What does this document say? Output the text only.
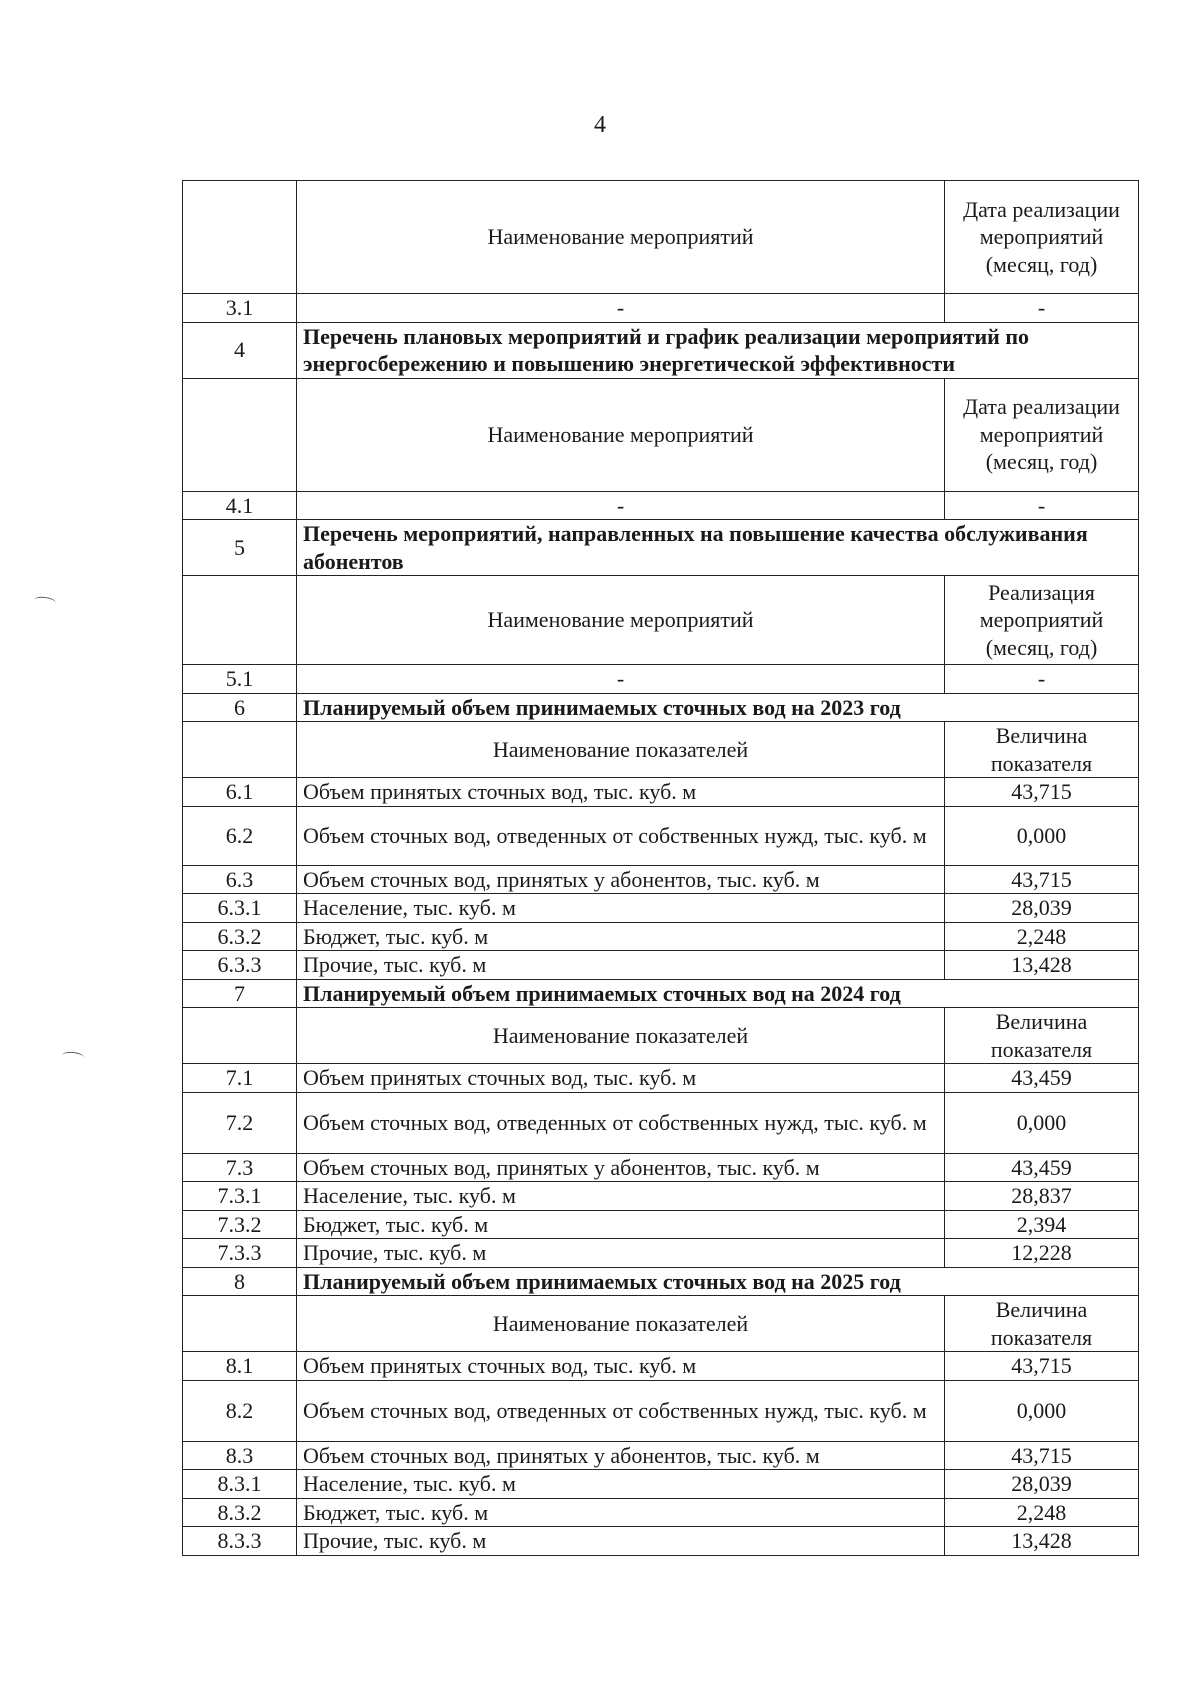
4
	Наименование мероприятий	Дата реализации мероприятий (месяц, год)
3.1	-	-
4	Перечень плановых мероприятий и график реализации мероприятий по энергосбережению и повышению энергетической эффективности	
	Наименование мероприятий	Дата реализации мероприятий (месяц, год)
4.1	-	-
5	Перечень мероприятий, направленных на повышение качества обслуживания абонентов	
	Наименование мероприятий	Реализация мероприятий (месяц, год)
5.1	-	-
6	Планируемый объем принимаемых сточных вод на 2023 год	
	Наименование показателей	Величина показателя
6.1	Объем принятых сточных вод, тыс. куб. м	43,715
6.2	Объем сточных вод, отведенных от собственных нужд, тыс. куб. м	0,000
6.3	Объем сточных вод, принятых у абонентов, тыс. куб. м	43,715
6.3.1	Население, тыс. куб. м	28,039
6.3.2	Бюджет, тыс. куб. м	2,248
6.3.3	Прочие, тыс. куб. м	13,428
7	Планируемый объем принимаемых сточных вод на 2024 год	
	Наименование показателей	Величина показателя
7.1	Объем принятых сточных вод, тыс. куб. м	43,459
7.2	Объем сточных вод, отведенных от собственных нужд, тыс. куб. м	0,000
7.3	Объем сточных вод, принятых у абонентов, тыс. куб. м	43,459
7.3.1	Население, тыс. куб. м	28,837
7.3.2	Бюджет, тыс. куб. м	2,394
7.3.3	Прочие, тыс. куб. м	12,228
8	Планируемый объем принимаемых сточных вод на 2025 год	
	Наименование показателей	Величина показателя
8.1	Объем принятых сточных вод, тыс. куб. м	43,715
8.2	Объем сточных вод, отведенных от собственных нужд, тыс. куб. м	0,000
8.3	Объем сточных вод, принятых у абонентов, тыс. куб. м	43,715
8.3.1	Население, тыс. куб. м	28,039
8.3.2	Бюджет, тыс. куб. м	2,248
8.3.3	Прочие, тыс. куб. м	13,428
